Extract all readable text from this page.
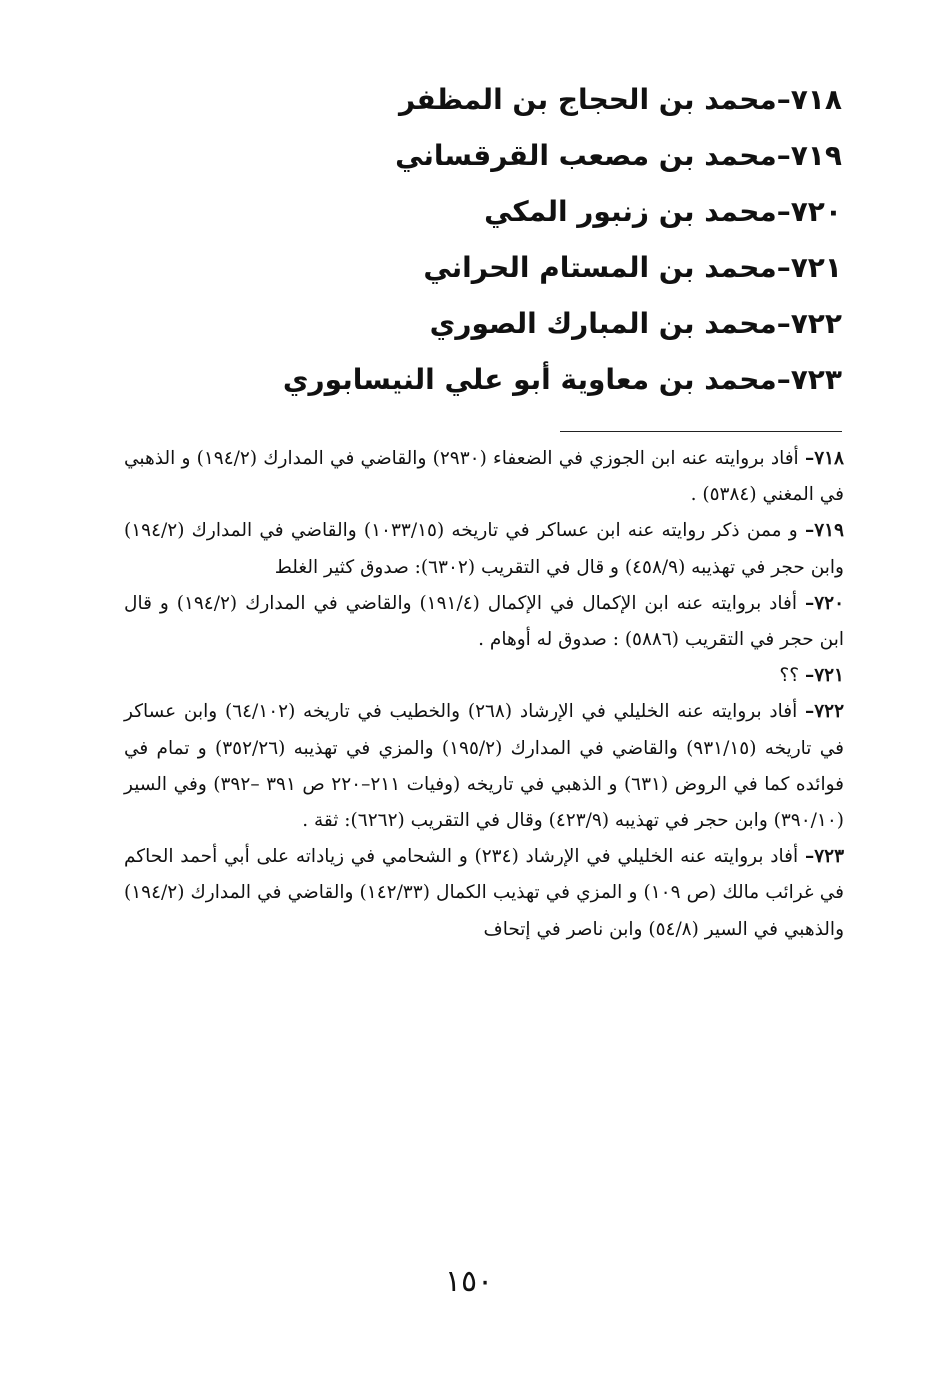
٧١٨–محمد بن الحجاج بن المظفر
٧١٩–محمد بن مصعب القرقساني
٧٢٠–محمد بن زنبور المكي
٧٢١–محمد بن المستام الحراني
٧٢٢–محمد بن المبارك الصوري
٧٢٣–محمد بن معاوية أبو علي النيسابوري

٧١٨– أفاد بروايته عنه ابن الجوزي في الضعفاء (٢٩٣٠) والقاضي في المدارك (١٩٤/٢) و الذهبي في المغني (٥٣٨٤) .

٧١٩– و ممن ذكر روايته عنه ابن عساكر في تاريخه (١٠٣٣/١٥) والقاضي في المدارك (١٩٤/٢) وابن حجر في تهذيبه (٤٥٨/٩) و قال في التقريب (٦٣٠٢): صدوق كثير الغلط

٧٢٠– أفاد بروايته عنه ابن الإكمال في الإكمال (١٩١/٤) والقاضي في المدارك (١٩٤/٢) و قال ابن حجر في التقريب (٥٨٨٦) : صدوق له أوهام .

٧٢١– ؟؟

٧٢٢– أفاد بروايته عنه الخليلي في الإرشاد (٢٦٨) والخطيب في تاريخه (٦٤/١٠٢) وابن عساكر في تاريخه (٩٣١/١٥) والقاضي في المدارك (١٩٥/٢) والمزي في تهذيبه (٣٥٢/٢٦) و تمام في فوائده كما في الروض (٦٣١) و الذهبي في تاريخه (وفيات ٢١١–٢٢٠ ص ٣٩١ –٣٩٢) وفي السير (٣٩٠/١٠) وابن حجر في تهذيبه (٤٢٣/٩) وقال في التقريب (٦٢٦٢): ثقة .

٧٢٣– أفاد بروايته عنه الخليلي في الإرشاد (٢٣٤) و الشحامي في زياداته على أبي أحمد الحاكم في غرائب مالك (ص ١٠٩) و المزي في تهذيب الكمال (١٤٢/٣٣) والقاضي في المدارك (١٩٤/٢) والذهبي في السير (٥٤/٨) وابن ناصر في إتحاف

١٥٠
